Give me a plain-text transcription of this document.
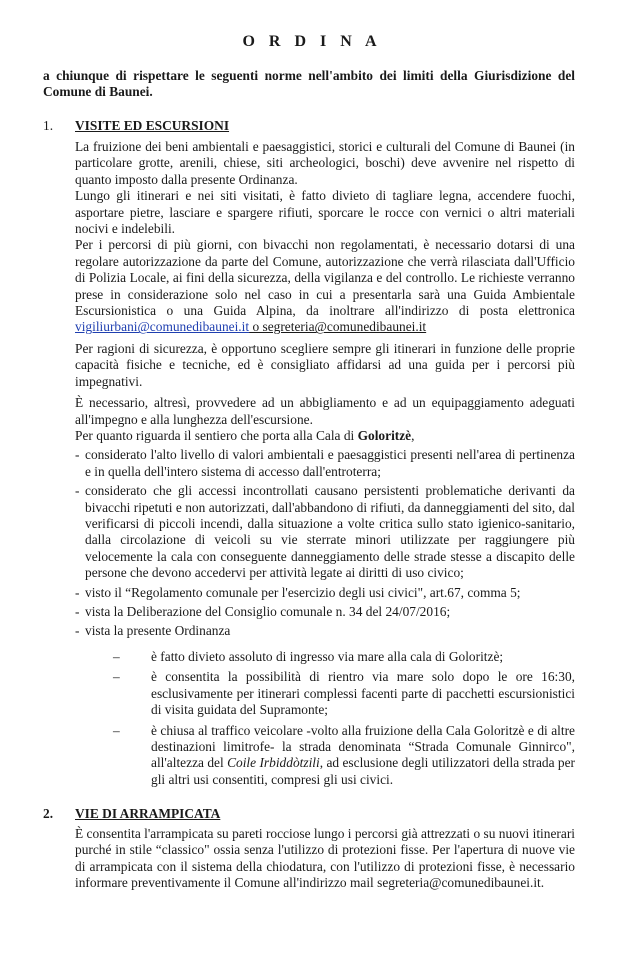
O R D I N A
a chiunque di rispettare le seguenti norme nell'ambito dei limiti della Giurisdizione del Comune di Baunei.
1. VISITE ED ESCURSIONI

La fruizione dei beni ambientali e paesaggistici, storici e culturali del Comune di Baunei (in particolare grotte, arenili, chiese, siti archeologici, boschi) deve avvenire nel rispetto di quanto imposto dalla presente Ordinanza.

Lungo gli itinerari e nei siti visitati, è fatto divieto di tagliare legna, accendere fuochi, asportare pietre, lasciare e spargere rifiuti, sporcare le rocce con vernici o altri materiali nocivi e indelebili.

Per i percorsi di più giorni, con bivacchi non regolamentati, è necessario dotarsi di una regolare autorizzazione da parte del Comune, autorizzazione che verrà rilasciata dall'Ufficio di Polizia Locale, ai fini della sicurezza, della vigilanza e del controllo. Le richieste verranno prese in considerazione solo nel caso in cui a presentarla sarà una Guida Ambientale Escursionistica o una Guida Alpina, da inoltrare all'indirizzo di posta elettronica vigiliurbani@comunedibaunei.it o segreteria@comunedibaunei.it

Per ragioni di sicurezza, è opportuno scegliere sempre gli itinerari in funzione delle proprie capacità fisiche e tecniche, ed è consigliato affidarsi ad una guida per i percorsi più impegnativi.

È necessario, altresì, provvedere ad un abbigliamento e ad un equipaggiamento adeguati all'impegno e alla lunghezza dell'escursione.

Per quanto riguarda il sentiero che porta alla Cala di Goloritzè,

- considerato l'alto livello di valori ambientali e paesaggistici presenti nell'area di pertinenza e in quella dell'intero sistema di accesso dall'entroterra;
- considerato che gli accessi incontrollati causano persistenti problematiche derivanti da bivacchi ripetuti e non autorizzati, dall'abbandono di rifiuti, da danneggiamenti del sito, dal verificarsi di piccoli incendi, dalla situazione a volte critica sullo stato igienico-sanitario, dalla circolazione di veicoli su vie sterrate minori utilizzate per raggiungere più velocemente la cala con conseguente danneggiamento delle strade stesse a discapito delle persone che devono accedervi per attività legate ai diritti di uso civico;
- visto il “Regolamento comunale per l'esercizio degli usi civici", art.67, comma 5;
- vista la Deliberazione del Consiglio comunale n. 34 del 24/07/2016;
- vista la presente Ordinanza
– è fatto divieto assoluto di ingresso via mare alla cala di Goloritzè;
– è consentita la possibilità di rientro via mare solo dopo le ore 16:30, esclusivamente per itinerari complessi facenti parte di pacchetti escursionistici di visita guidata del Supramonte;
– è chiusa al traffico veicolare -volto alla fruizione della Cala Goloritzè e di altre destinazioni limitrofe- la strada denominata “Strada Comunale Ginnirco", all'altezza del Coile Irbiddòtzili, ad esclusione degli utilizzatori della strada per gli altri usi consentiti, compresi gli usi civici.
2. VIE DI ARRAMPICATA

È consentita l'arrampicata su pareti rocciose lungo i percorsi già attrezzati o su nuovi itinerari purché in stile “classico" ossia senza l'utilizzo di protezioni fisse. Per l'apertura di nuove vie di arrampicata con il sistema della chiodatura, con l'utilizzo di protezioni fisse, è necessario informare preventivamente il Comune all'indirizzo mail segreteria@comunedibaunei.it.
